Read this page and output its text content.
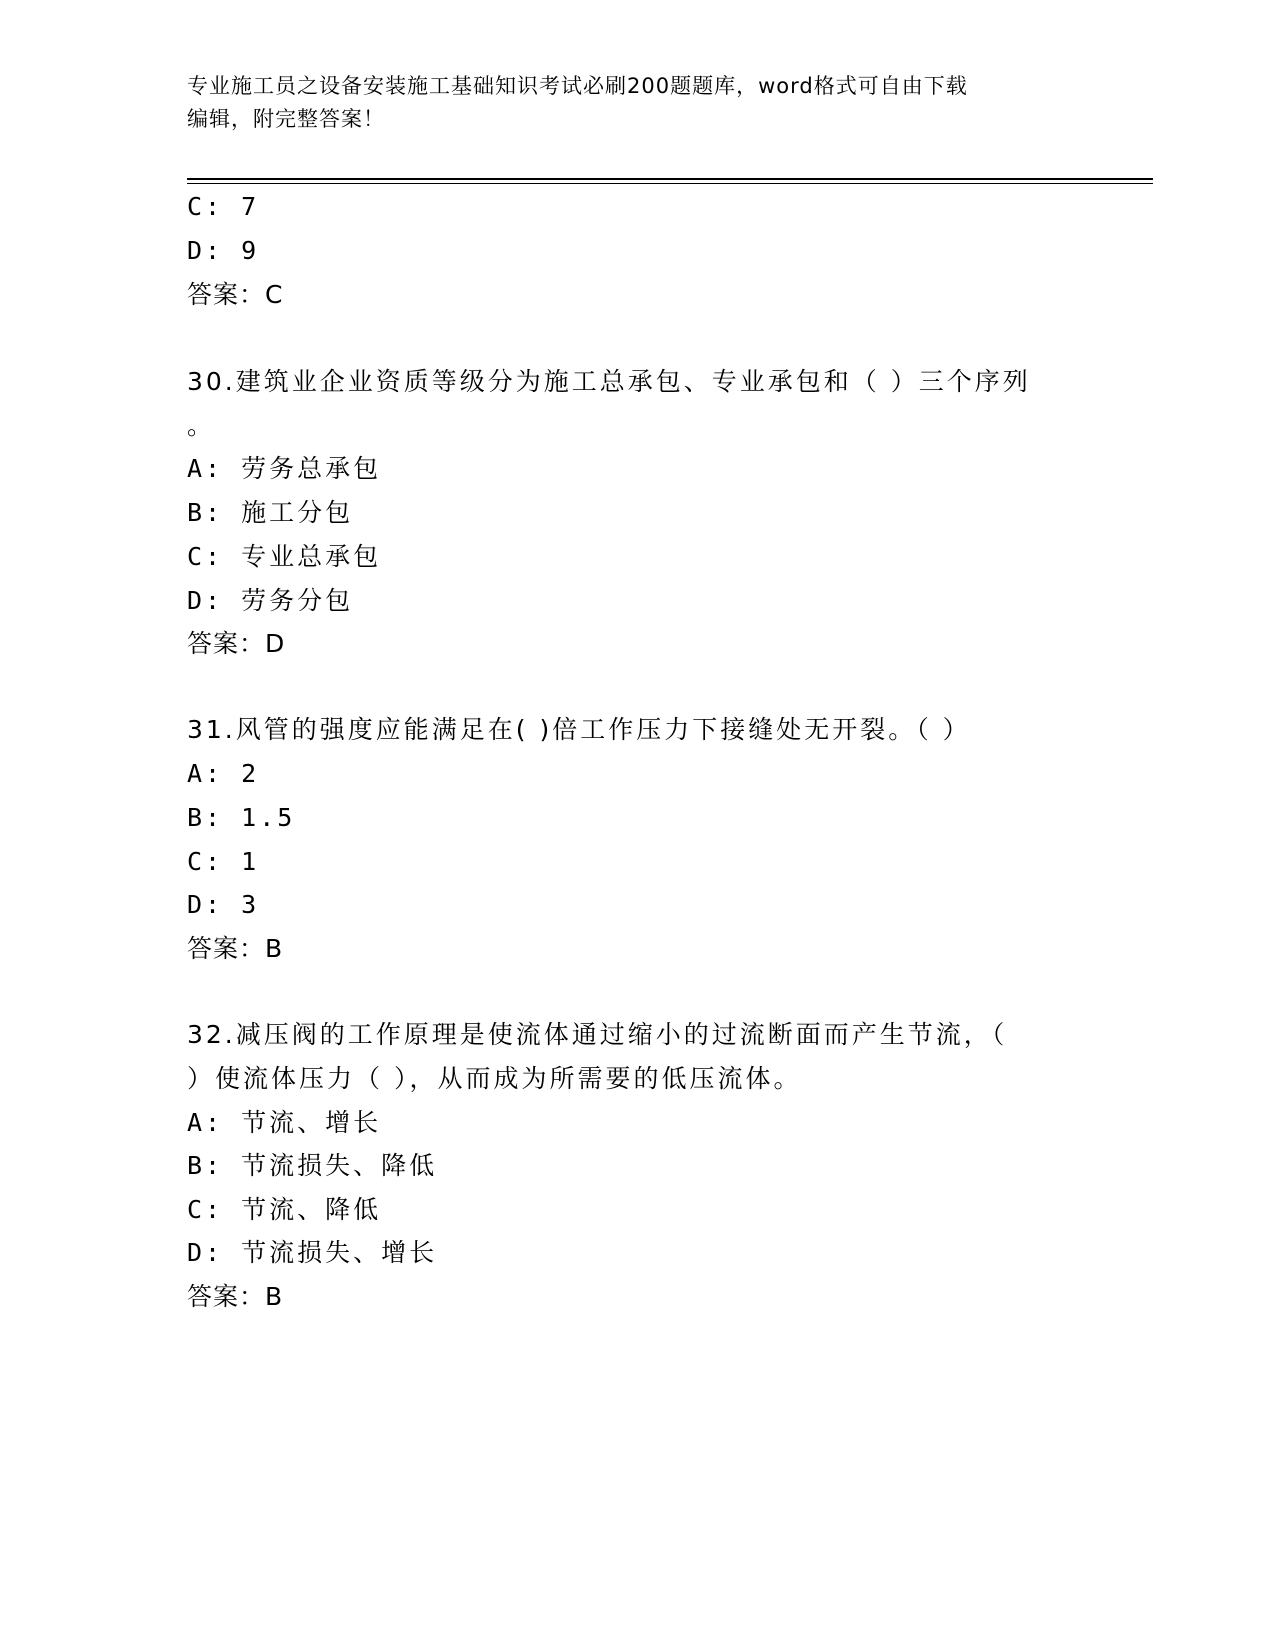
专业施工员之设备安装施工基础知识考试必刷200题题库，word格式可自由下载
编辑，附完整答案！
C: 7
D: 9
答案：C
30.建筑业企业资质等级分为施工总承包、专业承包和（ ）三个序列
。
A: 劳务总承包
B: 施工分包
C: 专业总承包
D: 劳务分包
答案：D
31.风管的强度应能满足在( )倍工作压力下接缝处无开裂。（ ）
A: 2
B: 1.5
C: 1
D: 3
答案：B
32.减压阀的工作原理是使流体通过缩小的过流断面而产生节流，（
）使流体压力（ ），从而成为所需要的低压流体。
A: 节流、增长
B: 节流损失、降低
C: 节流、降低
D: 节流损失、增长
答案：B
